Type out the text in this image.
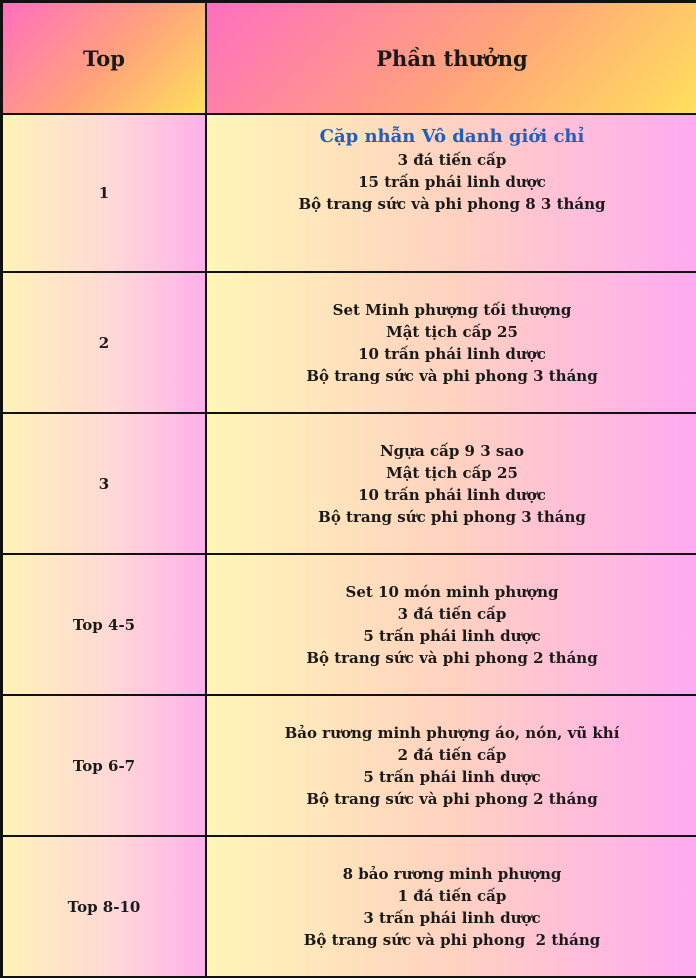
Top	Phần thưởng
1	Cặp nhẫn Vô danh giới chỉ
3 đá tiến cấp
15 trấn phái linh dược
Bộ trang sức và phi phong 8 3 tháng

2	Set Minh phượng tối thượng
Mật tịch cấp 25
10 trấn phái linh dược
Bộ trang sức và phi phong 3 tháng

3	Ngựa cấp 9 3 sao
Mật tịch cấp 25
10 trấn phái linh dược
Bộ trang sức phi phong 3 tháng

Top 4-5	Set 10 món minh phượng
3 đá tiến cấp
5 trấn phái linh dược
Bộ trang sức và phi phong 2 tháng

Top 6-7	Bảo rương minh phượng áo, nón, vũ khí
2 đá tiến cấp
5 trấn phái linh dược
Bộ trang sức và phi phong 2 tháng

Top 8-10	8 bảo rương minh phượng
1 đá tiến cấp
3 trấn phái linh dược
Bộ trang sức và phi phong  2 tháng
